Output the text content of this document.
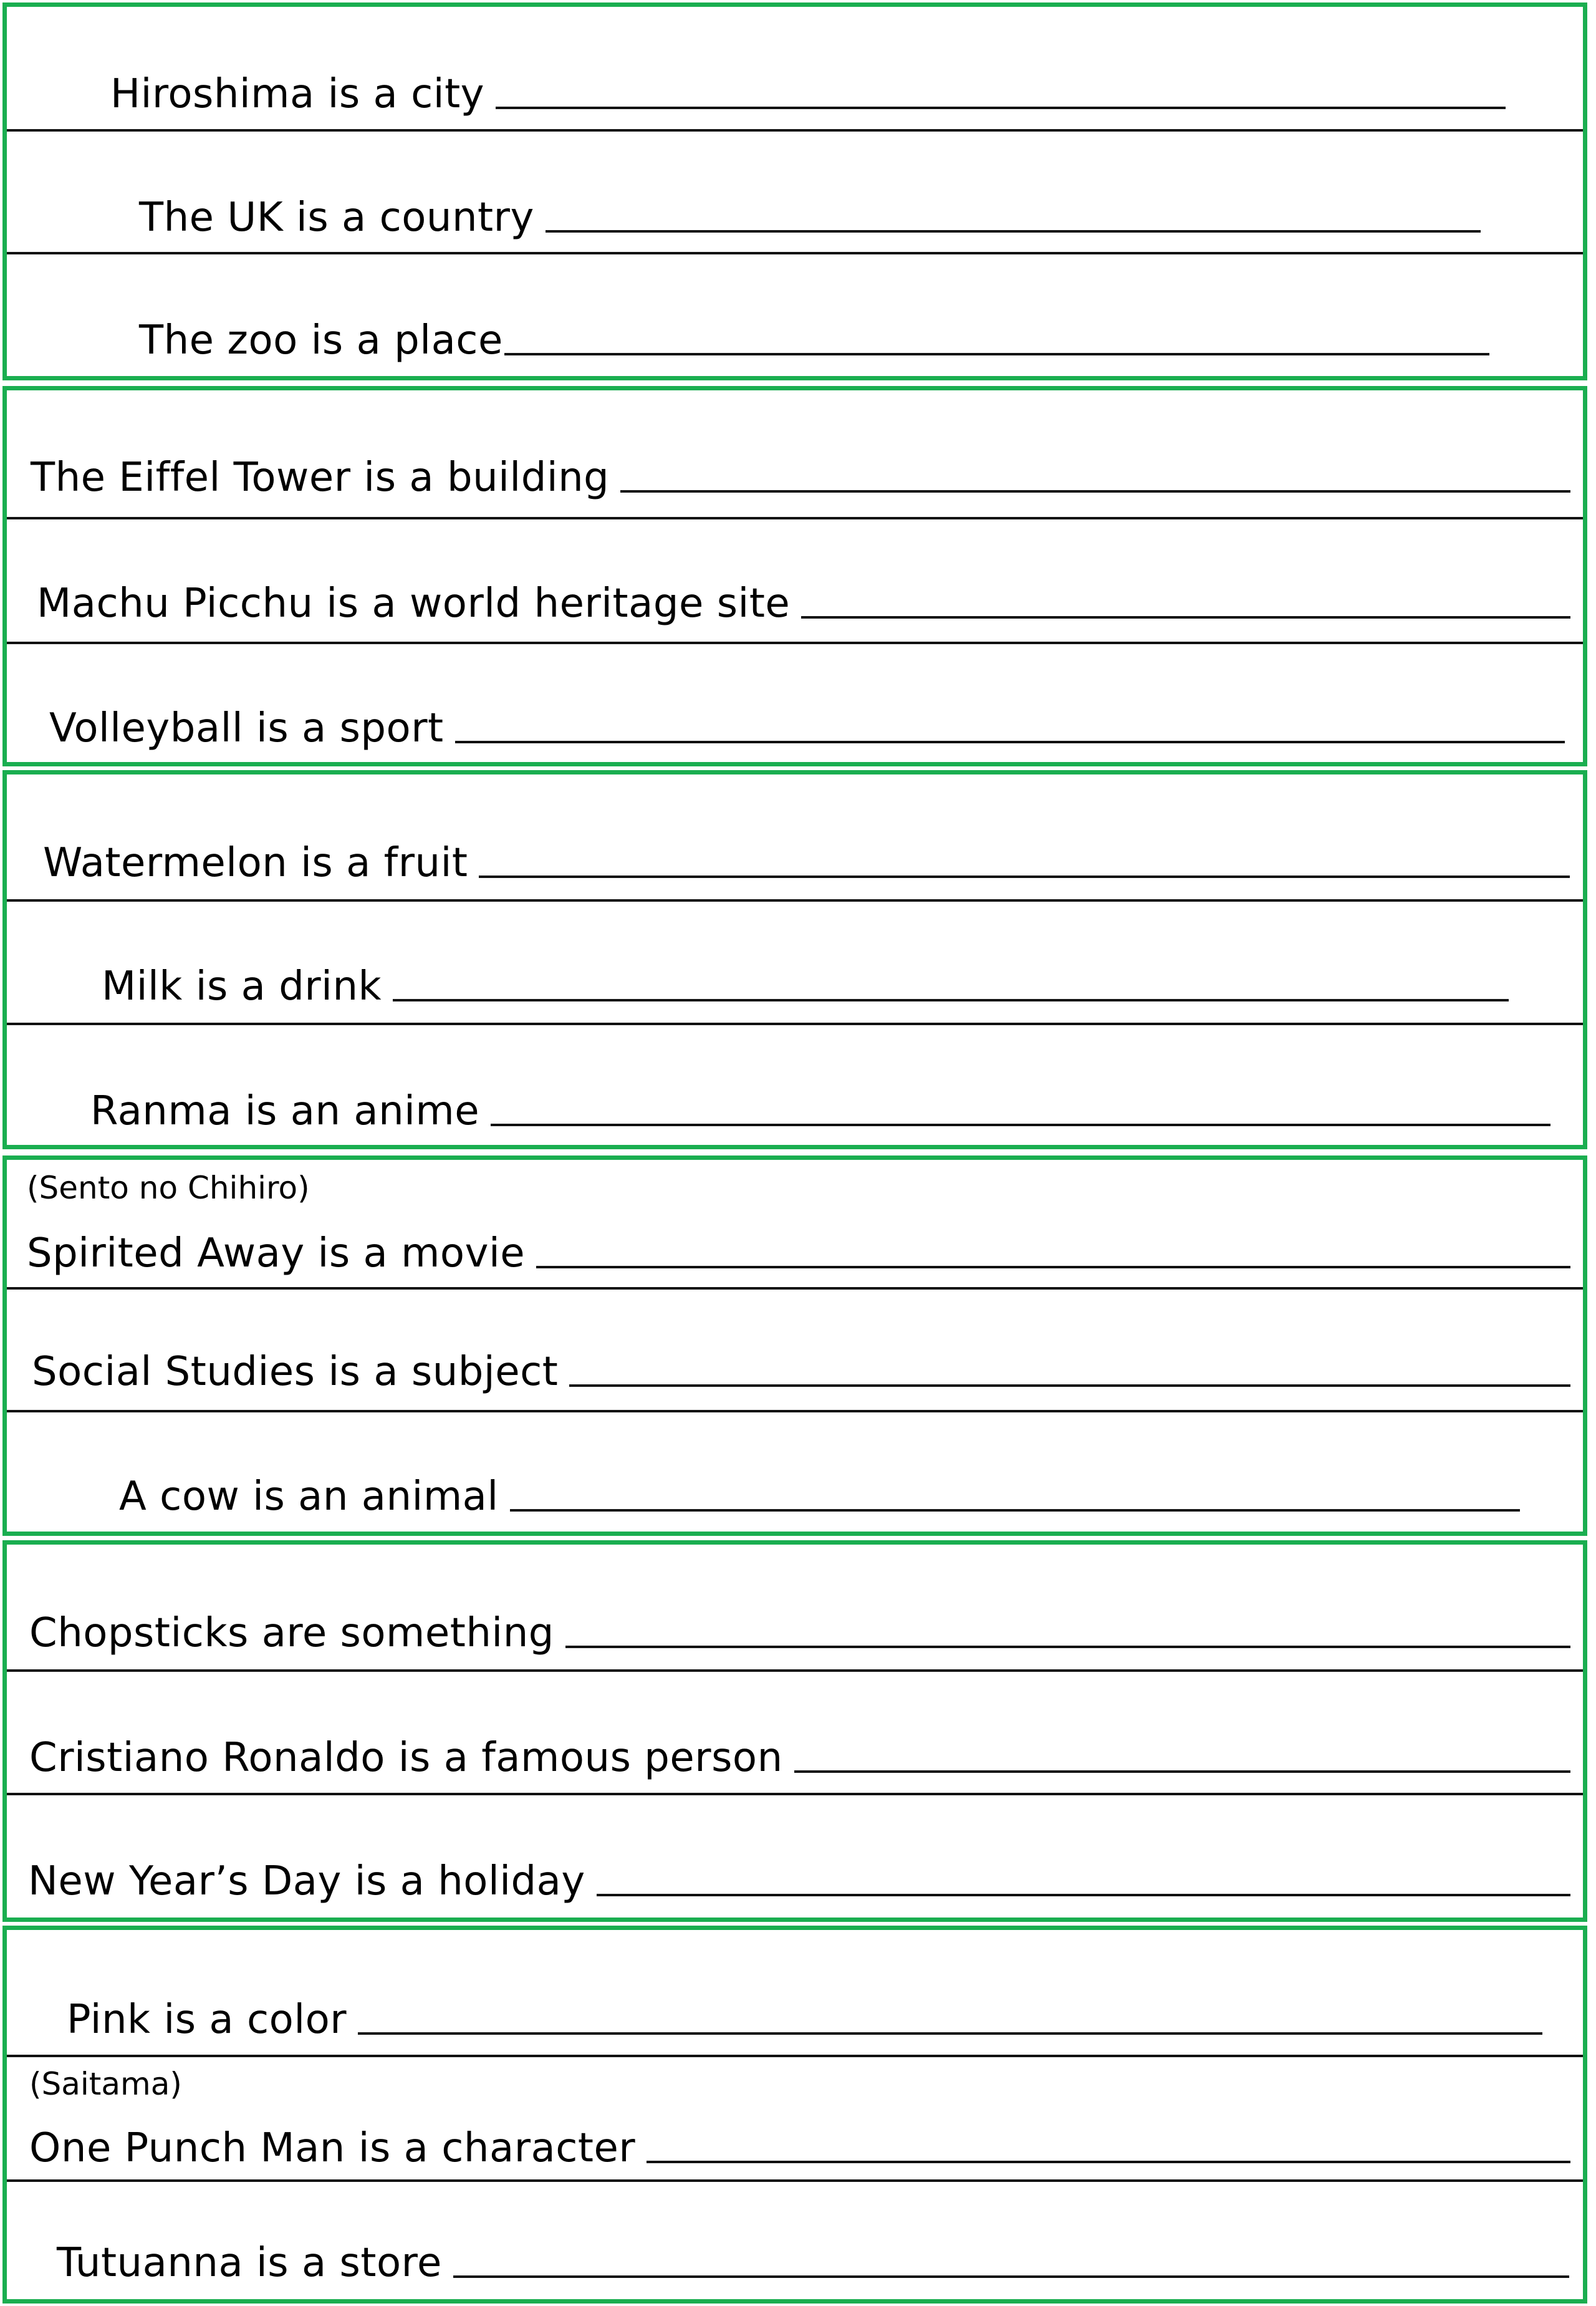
Hiroshima is a city
The UK is a country
The zoo is a place
The Eiffel Tower is a building
Machu Picchu is a world heritage site
Volleyball is a sport
Watermelon is a fruit
Milk is a drink
Ranma is an anime
(Sento no Chihiro)
Spirited Away is a movie
Social Studies is a subject
A cow is an animal
Chopsticks are something
Cristiano Ronaldo is a famous person
New Year’s Day is a holiday
Pink is a color
(Saitama)
One Punch Man is a character
Tutuanna is a store
